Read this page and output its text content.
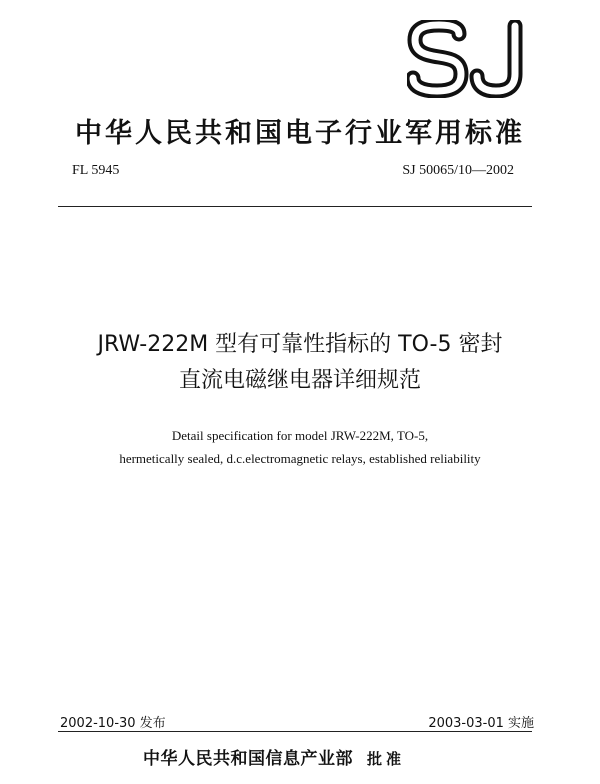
中华人民共和国电子行业军用标准
FL 5945	SJ 50065/10—2002
JRW-222M 型有可靠性指标的 TO-5 密封
直流电磁继电器详细规范
Detail specification for model JRW-222M, TO-5,
hermetically sealed, d.c.electromagnetic relays, established reliability
2002-10-30 发布	2003-03-01 实施
中华人民共和国信息产业部 批准
